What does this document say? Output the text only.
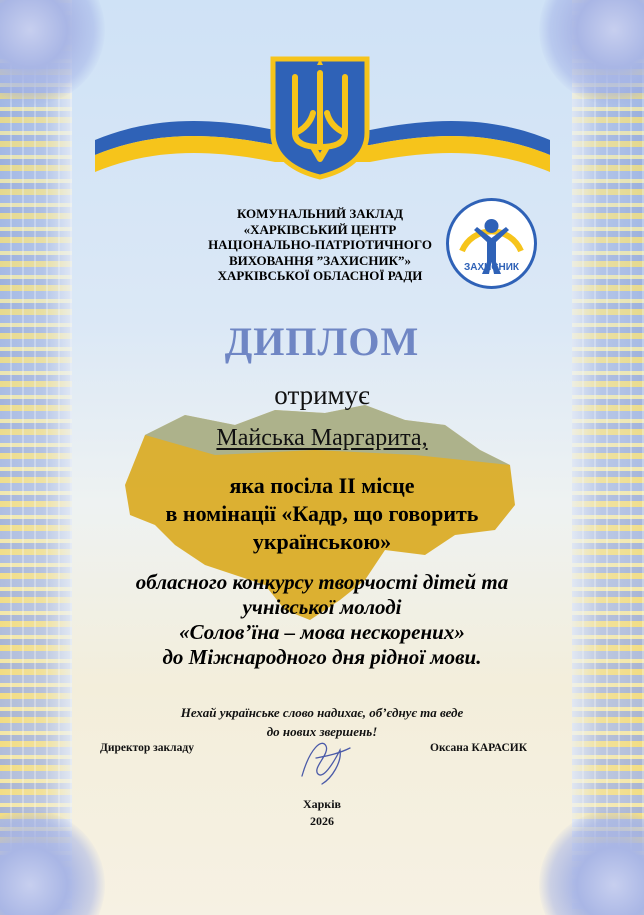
КОМУНАЛЬНИЙ ЗАКЛАД
«ХАРКІВСЬКИЙ ЦЕНТР
НАЦІОНАЛЬНО-ПАТРІОТИЧНОГО
ВИХОВАННЯ ˮЗАХИСНИК”»
ХАРКІВСЬКОЇ ОБЛАСНОЇ РАДИ
ЗАХИСНИК
ДИПЛОМ
отримує
Майська Маргарита,
яка посіла ІІ місце
в номінації «Кадр, що говорить
українською»
обласного конкурсу творчості дітей та
учнівської молоді
«Солов’їна – мова нескорених»
до Міжнародного дня рідної мови.
Нехай українське слово надихає, об’єднує та веде
до нових звершень!
Директор закладу	Оксана КАРАСИК
Харків
2026
